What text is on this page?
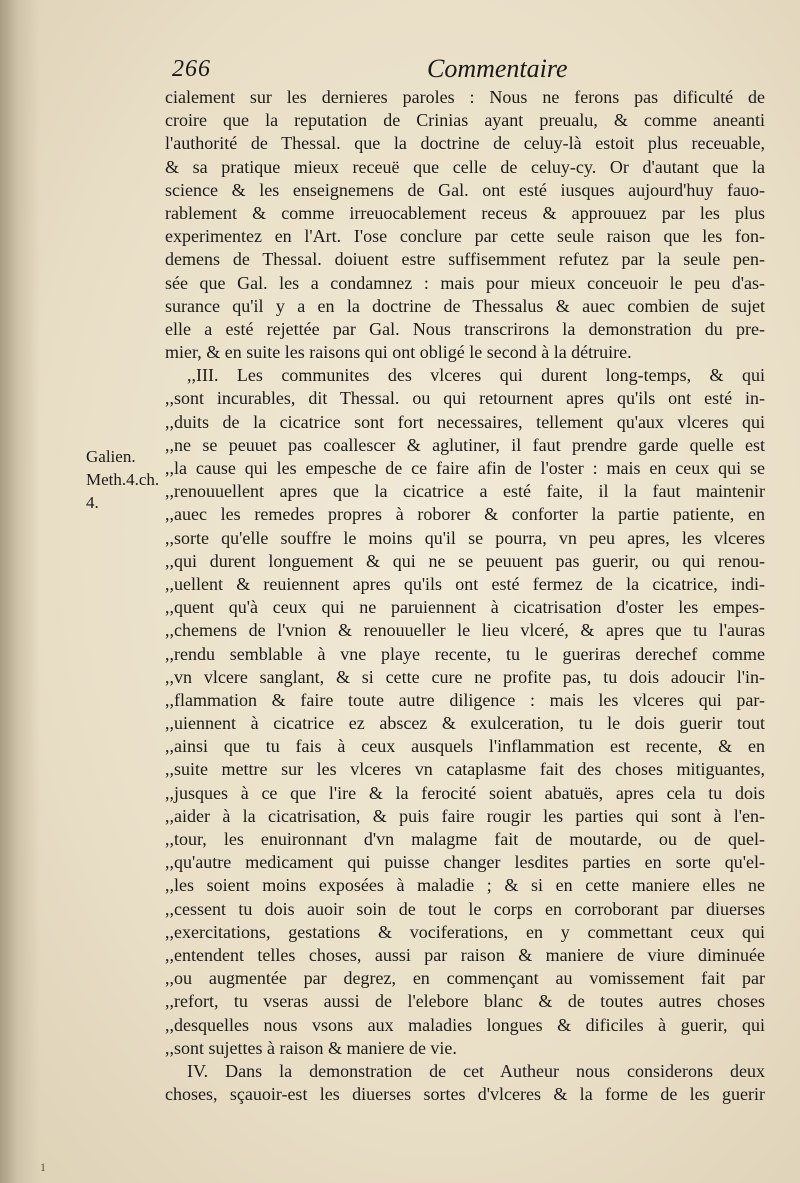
266	Commentaire
Galien.
Meth.4.ch.
4.
cialement sur les dernieres paroles : Nous ne ferons pas dificulté de
croire que la reputation de Crinias ayant preualu, & comme aneanti
l'authorité de Thessal. que la doctrine de celuy-là estoit plus receuable,
& sa pratique mieux receuë que celle de celuy-cy. Or d'autant que la
science & les enseignemens de Gal. ont esté iusques aujourd'huy fauo-
rablement & comme irreuocablement receus & approuuez par les plus
experimentez en l'Art. I'ose conclure par cette seule raison que les fon-
demens de Thessal. doiuent estre suffisemment refutez par la seule pen-
sée que Gal. les a condamnez : mais pour mieux conceuoir le peu d'as-
surance qu'il y a en la doctrine de Thessalus & auec combien de sujet
elle a esté rejettée par Gal. Nous transcrirons la demonstration du pre-
mier, & en suite les raisons qui ont obligé le second à la détruire.
,,III. Les communites des vlceres qui durent long-temps, & qui
,,sont incurables, dit Thessal. ou qui retournent apres qu'ils ont esté in-
,,duits de la cicatrice sont fort necessaires, tellement qu'aux vlceres qui
,,ne se peuuet pas coallescer & aglutiner, il faut prendre garde quelle est
,,la cause qui les empesche de ce faire afin de l'oster : mais en ceux qui se
,,renouuellent apres que la cicatrice a esté faite, il la faut maintenir
,,auec les remedes propres à roborer & conforter la partie patiente, en
,,sorte qu'elle souffre le moins qu'il se pourra, vn peu apres, les vlceres
,,qui durent longuement & qui ne se peuuent pas guerir, ou qui renou-
,,uellent & reuiennent apres qu'ils ont esté fermez de la cicatrice, indi-
,,quent qu'à ceux qui ne paruiennent à cicatrisation d'oster les empes-
,,chemens de l'vnion & renouueller le lieu vlceré, & apres que tu l'auras
,,rendu semblable à vne playe recente, tu le gueriras derechef comme
,,vn vlcere sanglant, & si cette cure ne profite pas, tu dois adoucir l'in-
,,flammation & faire toute autre diligence : mais les vlceres qui par-
,,uiennent à cicatrice ez abscez & exulceration, tu le dois guerir tout
,,ainsi que tu fais à ceux ausquels l'inflammation est recente, & en
,,suite mettre sur les vlceres vn cataplasme fait des choses mitiguantes,
,,jusques à ce que l'ire & la ferocité soient abatuës, apres cela tu dois
,,aider à la cicatrisation, & puis faire rougir les parties qui sont à l'en-
,,tour, les enuironnant d'vn malagme fait de moutarde, ou de quel-
,,qu'autre medicament qui puisse changer lesdites parties en sorte qu'el-
,,les soient moins exposées à maladie ; & si en cette maniere elles ne
,,cessent tu dois auoir soin de tout le corps en corroborant par diuerses
,,exercitations, gestations & vociferations, en y commettant ceux qui
,,entendent telles choses, aussi par raison & maniere de viure diminuée
,,ou augmentée par degrez, en commençant au vomissement fait par
,,refort, tu vseras aussi de l'elebore blanc & de toutes autres choses
,,desquelles nous vsons aux maladies longues & dificiles à guerir, qui
,,sont sujettes à raison & maniere de vie.
IV. Dans la demonstration de cet Autheur nous considerons deux
choses, sçauoir-est les diuerses sortes d'vlceres & la forme de les guerir
1
